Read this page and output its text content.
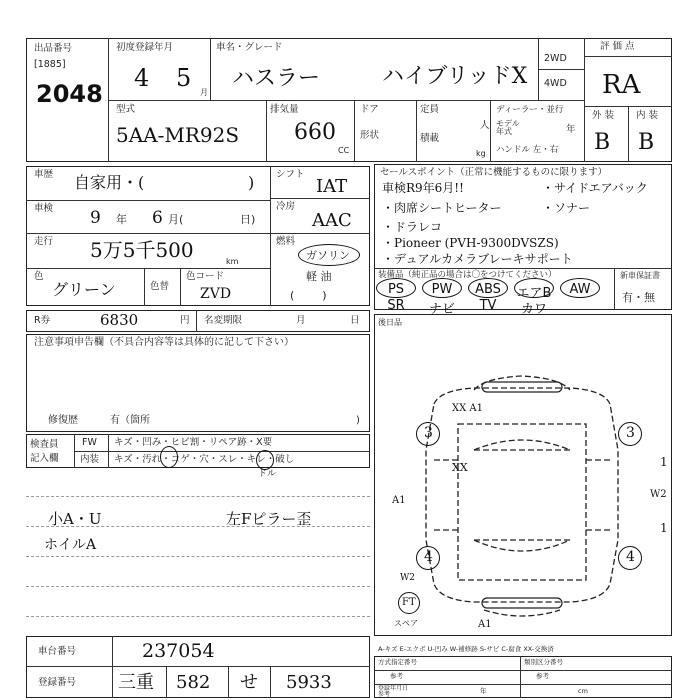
出品番号
[1885]
2048
初度登録年月
4 5
月
車名・グレード
ハスラー	ハイブリッドX
2WD
4WD
評 価 点
RA
外 装 内 装
B B
型式
5AA-MR92S
排気量
660
CC
ドア
形状
定員
人
積載
kg
ディーラー・並行
モデル
年式	年
ハンドル 左・右
車歴 自家用・(	)
車検 9 年 6 月(	日)
走行 5万5千500	km
色
グリーン	色替
色コード
ZVD
シフト
IAT
冷房
AAC
燃料
ガソリン
軽 油
(        )
セールスポイント（正常に機能するものに限ります）
車検R9年6月!!	・サイドエアバック
・肉席シートヒーター	・ソナー
・ドラレコ
・Pioneer (PVH-9300DVSZS)
・デュアルカメラブレーキサポート
装備品（純正品の場合は〇をつけてください）	新車保証書
有・無
R券	6830	円 名変期限	月	日
注意事項申告欄（不具合内容等は具体的に記して下さい）
修復歴	有（箇所	)
検査員
記入欄
FW キズ・凹み・ヒビ割・リペア跡・X要
内装 キズ・汚れ・コゲ・穴・スレ・キレ・破し
ドル
小A・U	左Fピラー歪
ホイルA
車台番号	237054
登録番号 三重 582 せ 5933
後日品
XX A1
3	3
XX	1
A1
W2
1
4	4
W2
A1
FT
スペア
A-キズ E-エクボ U-凹み W-補修跡 S-サビ C-腐食 XX-交換済
方式指定番号	類別区分番号
参考	参考
登録年月日
参考	年	cm
PS	PW	ABS	エアB	AW
SR	ナビ	TV	カワ
